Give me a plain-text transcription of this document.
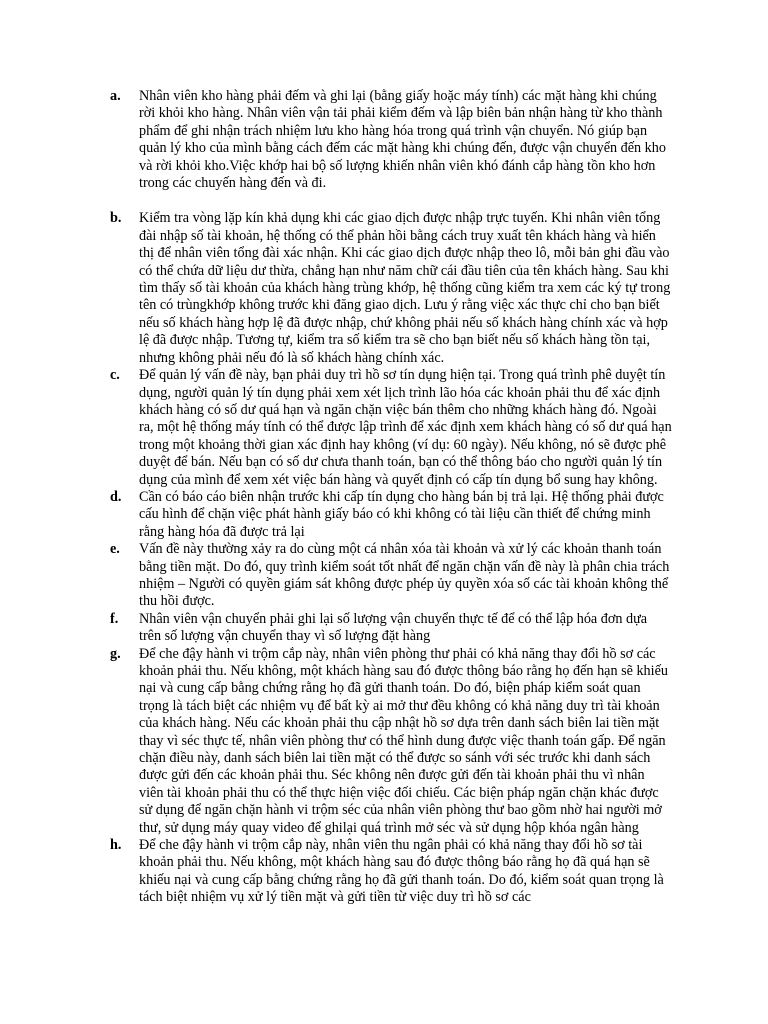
a.	Nhân viên kho hàng phải đếm và ghi lại (bằng giấy hoặc máy tính) các mặt hàng khi chúng rời khỏi kho hàng. Nhân viên vận tải phải kiểm đếm và lập biên bản nhận hàng từ kho thành phẩm để ghi nhận trách nhiệm lưu kho hàng hóa trong quá trình vận chuyển. Nó giúp bạn quản lý kho của mình bằng cách đếm các mặt hàng khi chúng đến, được vận chuyển đến kho và rời khỏi kho.Việc khớp hai bộ số lượng khiến nhân viên khó đánh cắp hàng tồn kho hơn trong các chuyến hàng đến và đi.
b.	Kiểm tra vòng lặp kín khả dụng khi các giao dịch được nhập trực tuyến. Khi nhân viên tổng đài nhập số tài khoản, hệ thống có thể phản hồi bằng cách truy xuất tên khách hàng và hiển thị để nhân viên tổng đài xác nhận. Khi các giao dịch được nhập theo lô, mỗi bản ghi đầu vào có thể chứa dữ liệu dư thừa, chẳng hạn như năm chữ cái đầu tiên của tên khách hàng. Sau khi tìm thấy số tài khoản của khách hàng trùng khớp, hệ thống cũng kiểm tra xem các ký tự trong tên có trùngkhớp không trước khi đăng giao dịch. Lưu ý rằng việc xác thực chỉ cho bạn biết nếu số khách hàng hợp lệ đã được nhập, chứ không phải nếu số khách hàng chính xác và hợp lệ đã được nhập. Tương tự, kiểm tra số kiểm tra sẽ cho bạn biết nếu số khách hàng tồn tại, nhưng không phải nếu đó là số khách hàng chính xác.
c.	Để quản lý vấn đề này, bạn phải duy trì hồ sơ tín dụng hiện tại. Trong quá trình phê duyệt tín dụng, người quản lý tín dụng phải xem xét lịch trình lão hóa các khoản phải thu để xác định khách hàng có số dư quá hạn và ngăn chặn việc bán thêm cho những khách hàng đó. Ngoài ra, một hệ thống máy tính có thể được lập trình để xác định xem khách hàng có số dư quá hạn trong một khoảng thời gian xác định hay không (ví dụ: 60 ngày). Nếu không, nó sẽ được phê duyệt để bán. Nếu bạn có số dư chưa thanh toán, bạn có thể thông báo cho người quản lý tín dụng của mình để xem xét việc bán hàng và quyết định có cấp tín dụng bổ sung hay không.
d.	Cần có báo cáo biên nhận trước khi cấp tín dụng cho hàng bán bị trả lại. Hệ thống phải được cấu hình để chặn việc phát hành giấy báo có khi không có tài liệu cần thiết để chứng minh rằng hàng hóa đã được trả lại
e.	Vấn đề này thường xảy ra do cùng một cá nhân xóa tài khoản và xử lý các khoản thanh toán bằng tiền mặt. Do đó, quy trình kiểm soát tốt nhất để ngăn chặn vấn đề này là phân chia trách nhiệm – Người có quyền giám sát không được phép ủy quyền xóa số các tài khoản không thể thu hồi được.
f.	Nhân viên vận chuyển phải ghi lại số lượng vận chuyển thực tế để có thể lập hóa đơn dựa trên số lượng vận chuyển thay vì số lượng đặt hàng
g.	Để che đậy hành vi trộm cắp này, nhân viên phòng thư phải có khả năng thay đổi hồ sơ các khoản phải thu. Nếu không, một khách hàng sau đó được thông báo rằng họ đến hạn sẽ khiếu nại và cung cấp bằng chứng rằng họ đã gửi thanh toán. Do đó, biện pháp kiểm soát quan trọng là tách biệt các nhiệm vụ để bất kỳ ai mở thư đều không có khả năng duy trì tài khoản của khách hàng. Nếu các khoản phải thu cập nhật hồ sơ dựa trên danh sách biên lai tiền mặt thay vì séc thực tế, nhân viên phòng thư có thể hình dung được việc thanh toán gấp. Để ngăn chặn điều này, danh sách biên lai tiền mặt có thể được so sánh với séc trước khi danh sách được gửi đến các khoản phải thu. Séc không nên được gửi đến tài khoản phải thu vì nhân viên tài khoản phải thu có thể thực hiện việc đối chiếu. Các biện pháp ngăn chặn khác được sử dụng để ngăn chặn hành vi trộm séc của nhân viên phòng thư bao gồm nhờ hai người mở thư, sử dụng máy quay video để ghilại quá trình mở séc và sử dụng hộp khóa ngân hàng
h.	Để che đậy hành vi trộm cắp này, nhân viên thu ngân phải có khả năng thay đổi hồ sơ tài khoản phải thu. Nếu không, một khách hàng sau đó được thông báo rằng họ đã quá hạn sẽ khiếu nại và cung cấp bằng chứng rằng họ đã gửi thanh toán. Do đó, kiểm soát quan trọng là tách biệt nhiệm vụ xử lý tiền mặt và gửi tiền từ việc duy trì hồ sơ các
